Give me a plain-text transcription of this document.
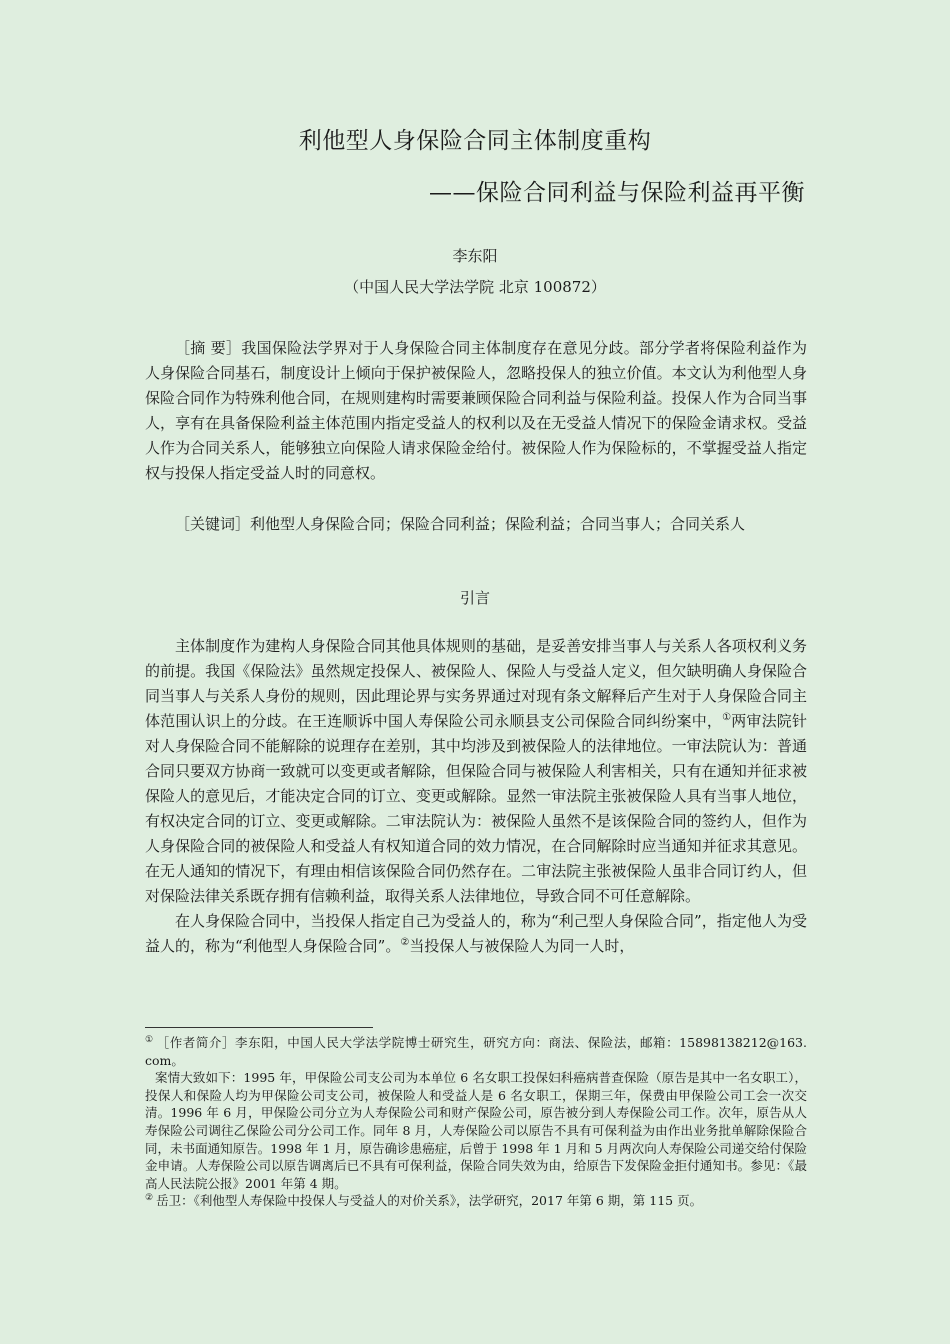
利他型人身保险合同主体制度重构
——保险合同利益与保险利益再平衡
李东阳
（中国人民大学法学院 北京 100872）

［摘 要］我国保险法学界对于人身保险合同主体制度存在意见分歧。部分学者将保险利益作为人身保险合同基石，制度设计上倾向于保护被保险人，忽略投保人的独立价值。本文认为利他型人身保险合同作为特殊利他合同，在规则建构时需要兼顾保险合同利益与保险利益。投保人作为合同当事人，享有在具备保险利益主体范围内指定受益人的权利以及在无受益人情况下的保险金请求权。受益人作为合同关系人，能够独立向保险人请求保险金给付。被保险人作为保险标的，不掌握受益人指定权与投保人指定受益人时的同意权。

［关键词］利他型人身保险合同；保险合同利益；保险利益；合同当事人；合同关系人

引言

主体制度作为建构人身保险合同其他具体规则的基础，是妥善安排当事人与关系人各项权利义务的前提。我国《保险法》虽然规定投保人、被保险人、保险人与受益人定义，但欠缺明确人身保险合同当事人与关系人身份的规则，因此理论界与实务界通过对现有条文解释后产生对于人身保险合同主体范围认识上的分歧。在王连顺诉中国人寿保险公司永顺县支公司保险合同纠纷案中，①两审法院针对人身保险合同不能解除的说理存在差别，其中均涉及到被保险人的法律地位。一审法院认为：普通合同只要双方协商一致就可以变更或者解除，但保险合同与被保险人利害相关，只有在通知并征求被保险人的意见后，才能决定合同的订立、变更或解除。显然一审法院主张被保险人具有当事人地位，有权决定合同的订立、变更或解除。二审法院认为：被保险人虽然不是该保险合同的签约人，但作为人身保险合同的被保险人和受益人有权知道合同的效力情况，在合同解除时应当通知并征求其意见。在无人通知的情况下，有理由相信该保险合同仍然存在。二审法院主张被保险人虽非合同订约人，但对保险法律关系既存拥有信赖利益，取得关系人法律地位，导致合同不可任意解除。

在人身保险合同中，当投保人指定自己为受益人的，称为“利己型人身保险合同”，指定他人为受益人的，称为“利他型人身保险合同”。②当投保人与被保险人为同一人时，

① ［作者简介］李东阳，中国人民大学法学院博士研究生，研究方向：商法、保险法，邮箱：15898138212@163. com。

案情大致如下：1995 年，甲保险公司支公司为本单位 6 名女职工投保妇科癌病普查保险（原告是其中一名女职工），投保人和保险人均为甲保险公司支公司，被保险人和受益人是 6 名女职工，保期三年，保费由甲保险公司工会一次交清。1996 年 6 月，甲保险公司分立为人寿保险公司和财产保险公司，原告被分到人寿保险公司工作。次年，原告从人寿保险公司调往乙保险公司分公司工作。同年 8 月，人寿保险公司以原告不具有可保利益为由作出业务批单解除保险合同，未书面通知原告。1998 年 1 月，原告确诊患癌症，后曾于 1998 年 1 月和 5 月两次向人寿保险公司递交给付保险金申请。人寿保险公司以原告调离后已不具有可保利益，保险合同失效为由，给原告下发保险金拒付通知书。参见：《最高人民法院公报》2001 年第 4 期。

② 岳卫：《利他型人寿保险中投保人与受益人的对价关系》，法学研究，2017 年第 6 期，第 115 页。
